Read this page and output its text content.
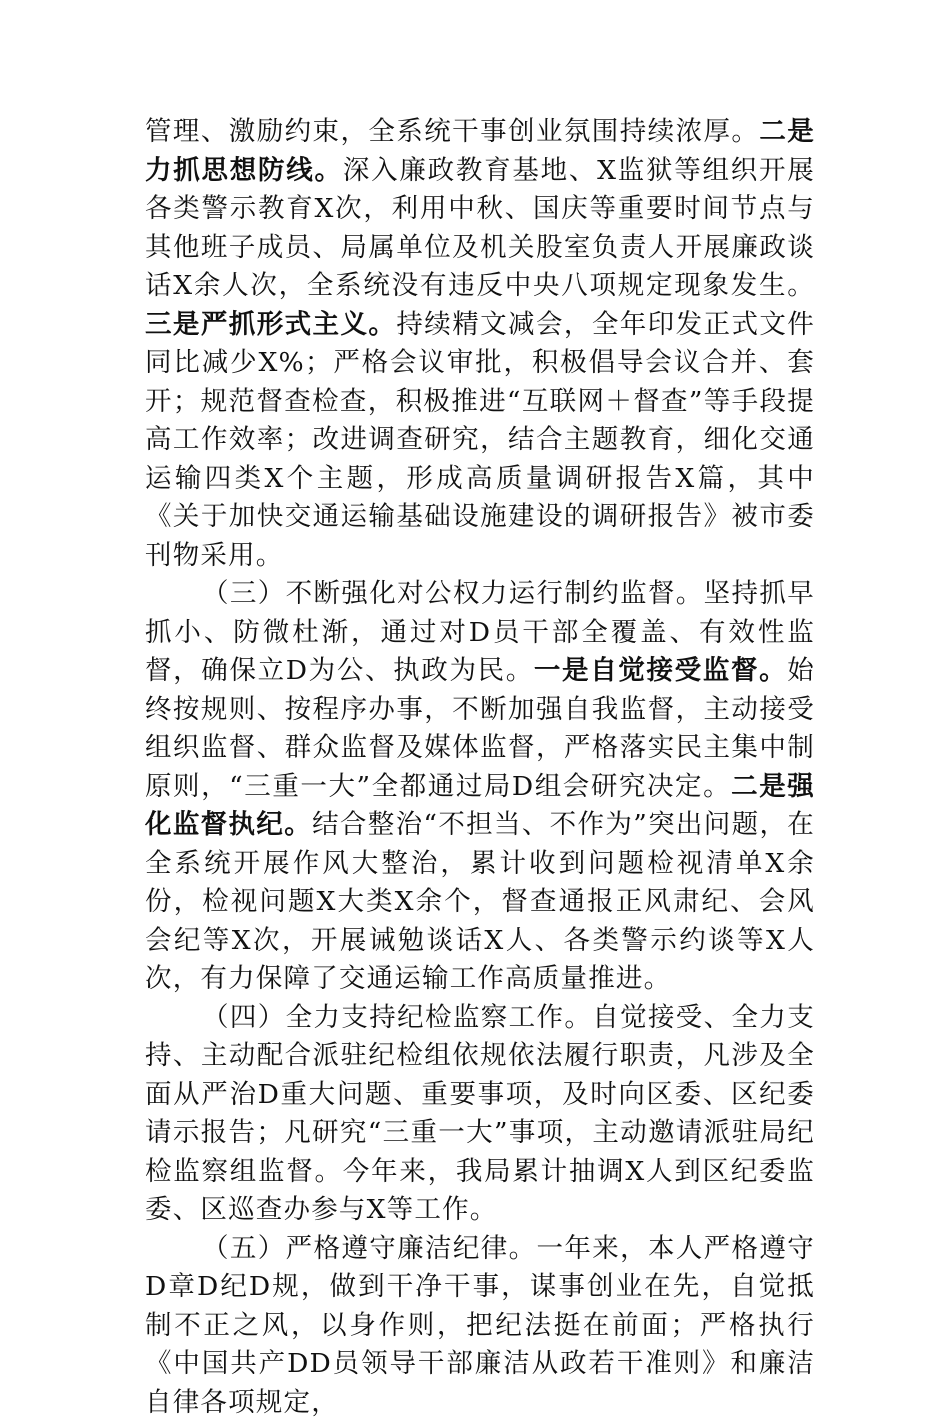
管理、激励约束，全系统干事创业氛围持续浓厚。二是力抓思想防线。深入廉政教育基地、X监狱等组织开展各类警示教育X次，利用中秋、国庆等重要时间节点与其他班子成员、局属单位及机关股室负责人开展廉政谈话X余人次，全系统没有违反中央八项规定现象发生。三是严抓形式主义。持续精文减会，全年印发正式文件同比减少X%；严格会议审批，积极倡导会议合并、套开；规范督查检查，积极推进“互联网＋督查”等手段提高工作效率；改进调查研究，结合主题教育，细化交通运输四类X个主题，形成高质量调研报告X篇，其中《关于加快交通运输基础设施建设的调研报告》被市委刊物采用。

（三）不断强化对公权力运行制约监督。坚持抓早抓小、防微杜渐，通过对D员干部全覆盖、有效性监督，确保立D为公、执政为民。一是自觉接受监督。始终按规则、按程序办事，不断加强自我监督，主动接受组织监督、群众监督及媒体监督，严格落实民主集中制原则，“三重一大”全都通过局D组会研究决定。二是强化监督执纪。结合整治“不担当、不作为”突出问题，在全系统开展作风大整治，累计收到问题检视清单X余份，检视问题X大类X余个，督查通报正风肃纪、会风会纪等X次，开展诫勉谈话X人、各类警示约谈等X人次，有力保障了交通运输工作高质量推进。

（四）全力支持纪检监察工作。自觉接受、全力支持、主动配合派驻纪检组依规依法履行职责，凡涉及全面从严治D重大问题、重要事项，及时向区委、区纪委请示报告；凡研究“三重一大”事项，主动邀请派驻局纪检监察组监督。今年来，我局累计抽调X人到区纪委监委、区巡查办参与X等工作。

（五）严格遵守廉洁纪律。一年来，本人严格遵守D章D纪D规，做到干净干事，谋事创业在先，自觉抵制不正之风，以身作则，把纪法挺在前面；严格执行《中国共产DD员领导干部廉洁从政若干准则》和廉洁自律各项规定，
